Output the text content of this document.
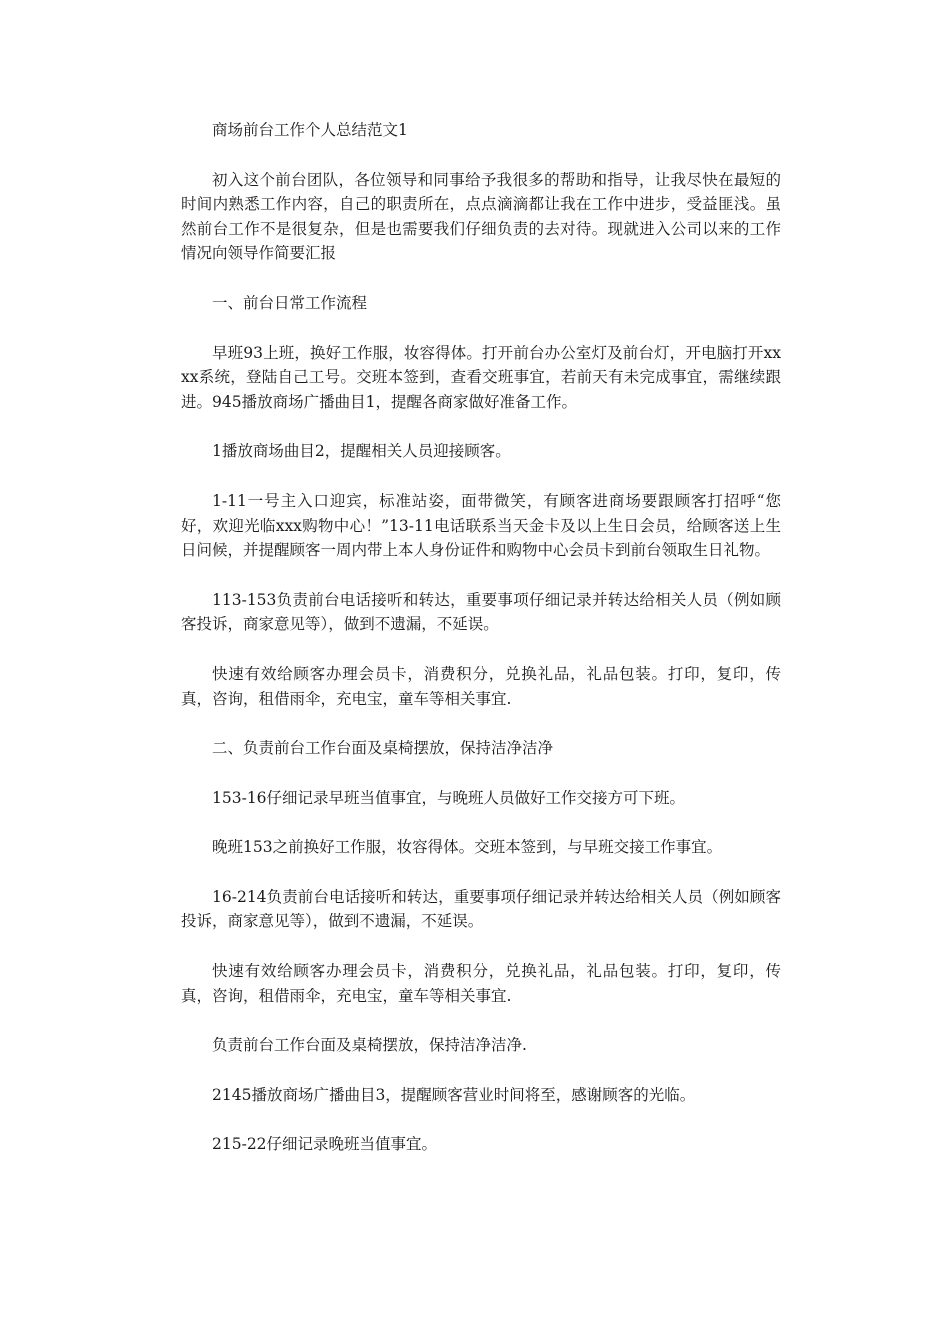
商场前台工作个人总结范文1

初入这个前台团队，各位领导和同事给予我很多的帮助和指导，让我尽快在最短的时间内熟悉工作内容，自己的职责所在，点点滴滴都让我在工作中进步，受益匪浅。虽然前台工作不是很复杂，但是也需要我们仔细负责的去对待。现就进入公司以来的工作情况向领导作简要汇报

一、前台日常工作流程

早班93上班，换好工作服，妆容得体。打开前台办公室灯及前台灯，开电脑打开xxxx系统，登陆自己工号。交班本签到，查看交班事宜，若前天有未完成事宜，需继续跟进。945播放商场广播曲目1，提醒各商家做好准备工作。

1播放商场曲目2，提醒相关人员迎接顾客。

1-11一号主入口迎宾，标准站姿，面带微笑，有顾客进商场要跟顾客打招呼“您好，欢迎光临xxx购物中心！”13-11电话联系当天金卡及以上生日会员，给顾客送上生日问候，并提醒顾客一周内带上本人身份证件和购物中心会员卡到前台领取生日礼物。

113-153负责前台电话接听和转达，重要事项仔细记录并转达给相关人员（例如顾客投诉，商家意见等），做到不遗漏，不延误。

快速有效给顾客办理会员卡，消费积分，兑换礼品，礼品包装。打印，复印，传真，咨询，租借雨伞，充电宝，童车等相关事宜.

二、负责前台工作台面及桌椅摆放，保持洁净洁净

153-16仔细记录早班当值事宜，与晚班人员做好工作交接方可下班。

晚班153之前换好工作服，妆容得体。交班本签到，与早班交接工作事宜。

16-214负责前台电话接听和转达，重要事项仔细记录并转达给相关人员（例如顾客投诉，商家意见等），做到不遗漏，不延误。

快速有效给顾客办理会员卡，消费积分，兑换礼品，礼品包装。打印，复印，传真，咨询，租借雨伞，充电宝，童车等相关事宜.

负责前台工作台面及桌椅摆放，保持洁净洁净.

2145播放商场广播曲目3，提醒顾客营业时间将至，感谢顾客的光临。

215-22仔细记录晚班当值事宜。
